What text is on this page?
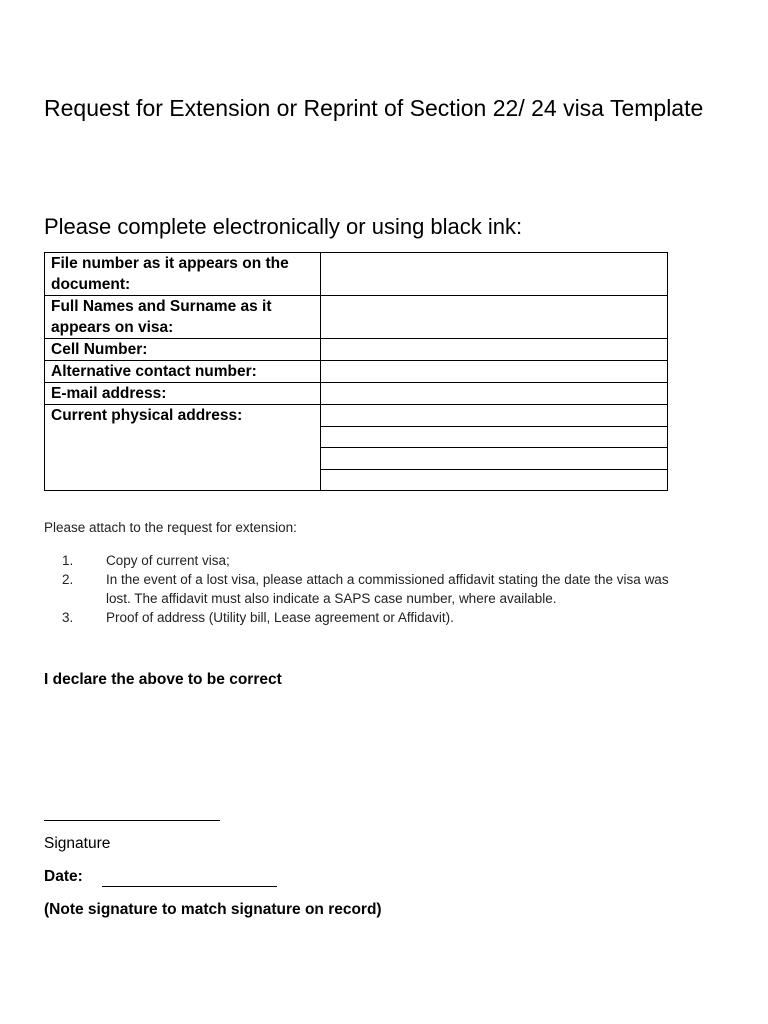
Request for Extension or Reprint of Section 22/ 24 visa Template

Please complete electronically or using black ink:

File number as it appears on the document:	
Full Names and Surname as it appears on visa:	
Cell Number:	
Alternative contact number:	
E-mail address:	
Current physical address:	

Please attach to the request for extension:

1. Copy of current visa;
2. In the event of a lost visa, please attach a commissioned affidavit stating the date the visa was lost. The affidavit must also indicate a SAPS case number, where available.
3. Proof of address (Utility bill, Lease agreement or Affidavit).

I declare the above to be correct

Signature

Date:

(Note signature to match signature on record)
